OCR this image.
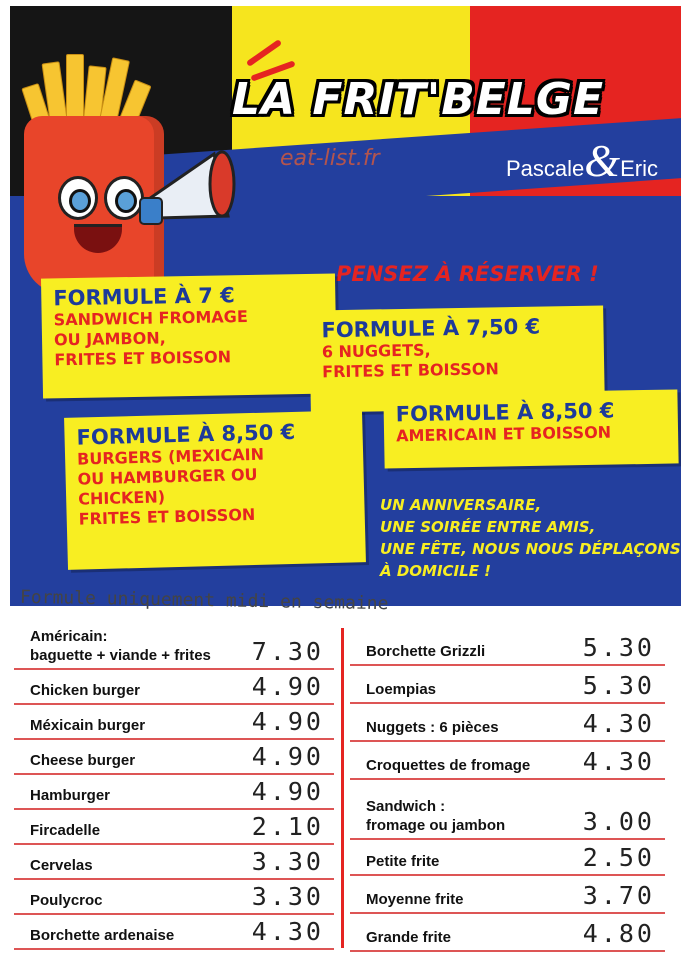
LA FRIT'BELGE
eat-list.fr	Pascale&Eric
PENSEZ À RÉSERVER !
FORMULE À 7 €
SANDWICH FROMAGE
OU JAMBON,
FRITES ET BOISSON
FORMULE À 7,50 €
6 NUGGETS,
FRITES ET BOISSON
FORMULE À 8,50 €
AMERICAIN ET BOISSON
FORMULE À 8,50 €
BURGERS (MEXICAIN
OU HAMBURGER OU
CHICKEN)
FRITES ET BOISSON	UN ANNIVERSAIRE,
UNE SOIRÉE ENTRE AMIS,
UNE FÊTE, NOUS NOUS DÉPLAÇONS
À DOMICILE !
Formule uniquement midi en semaine
Américain:
baguette + viande + frites 7.30
Chicken burger	4.90
Méxicain burger	4.90
Cheese burger	4.90
Hamburger	4.90
Fircadelle	2.10
Cervelas	3.30
Poulycroc	3.30
Borchette ardenaise	4.30
Borchette Grizzli	5.30
Loempias	5.30
Nuggets : 6 pièces	4.30
Croquettes de fromage 4.30
Sandwich :
fromage ou jambon	3.00
Petite frite	2.50
Moyenne frite	3.70
Grande frite	4.80
